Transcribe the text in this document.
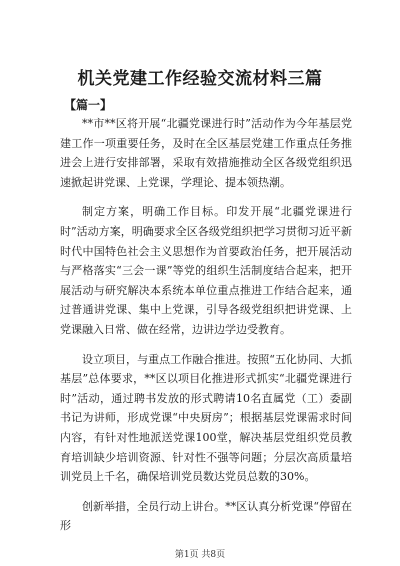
机关党建工作经验交流材料三篇
【篇一】

**市**区将开展“北疆党课进行时”活动作为今年基层党建工作一项重要任务，及时在全区基层党建工作重点任务推进会上进行安排部署，采取有效措施推动全区各级党组织迅速掀起讲党课、上党课，学理论、提本领热潮。

制定方案，明确工作目标。印发开展“北疆党课进行时”活动方案，明确要求全区各级党组织把学习贯彻习近平新时代中国特色社会主义思想作为首要政治任务，把开展活动与严格落实“三会一课”等党的组织生活制度结合起来，把开展活动与研究解决本系统本单位重点推进工作结合起来，通过普通讲党课、集中上党课，引导各级党组织把讲党课、上党课融入日常、做在经常，边讲边学边受教育。

设立项目，与重点工作融合推进。按照“五化协同、大抓基层”总体要求，**区以项目化推进形式抓实“北疆党课进行时”活动，通过聘书发放的形式聘请10名直属党（工）委副书记为讲师，形成党课“中央厨房”；根据基层党课需求时间内容，有针对性地派送党课100堂，解决基层党组织党员教育培训缺少培训资源、针对性不强等问题；分层次高质量培训党员上千名，确保培训党员数达党员总数的30%。

创新举措，全员行动上讲台。**区认真分析党课“停留在形

第1页 共8页
